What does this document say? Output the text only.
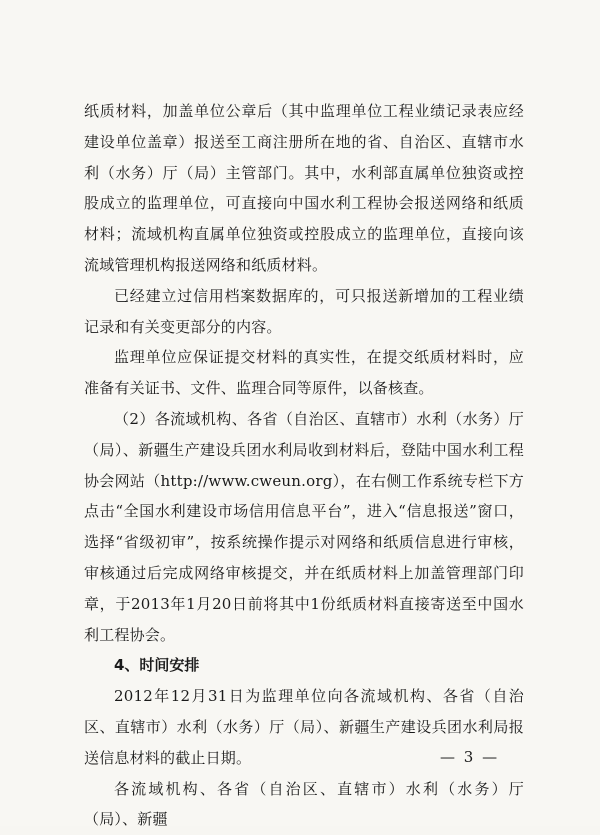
纸质材料，加盖单位公章后（其中监理单位工程业绩记录表应经建设单位盖章）报送至工商注册所在地的省、自治区、直辖市水利（水务）厅（局）主管部门。其中，水利部直属单位独资或控股成立的监理单位，可直接向中国水利工程协会报送网络和纸质材料；流域机构直属单位独资或控股成立的监理单位，直接向该流域管理机构报送网络和纸质材料。

已经建立过信用档案数据库的，可只报送新增加的工程业绩记录和有关变更部分的内容。

监理单位应保证提交材料的真实性，在提交纸质材料时，应准备有关证书、文件、监理合同等原件，以备核查。

（2）各流域机构、各省（自治区、直辖市）水利（水务）厅（局）、新疆生产建设兵团水利局收到材料后，登陆中国水利工程协会网站（http://www.cweun.org），在右侧工作系统专栏下方点击“全国水利建设市场信用信息平台”，进入“信息报送”窗口，选择“省级初审”，按系统操作提示对网络和纸质信息进行审核，审核通过后完成网络审核提交，并在纸质材料上加盖管理部门印章，于2013年1月20日前将其中1份纸质材料直接寄送至中国水利工程协会。

4、时间安排

2012年12月31日为监理单位向各流域机构、各省（自治区、直辖市）水利（水务）厅（局）、新疆生产建设兵团水利局报送信息材料的截止日期。

各流域机构、各省（自治区、直辖市）水利（水务）厅（局）、新疆

— 3 —
